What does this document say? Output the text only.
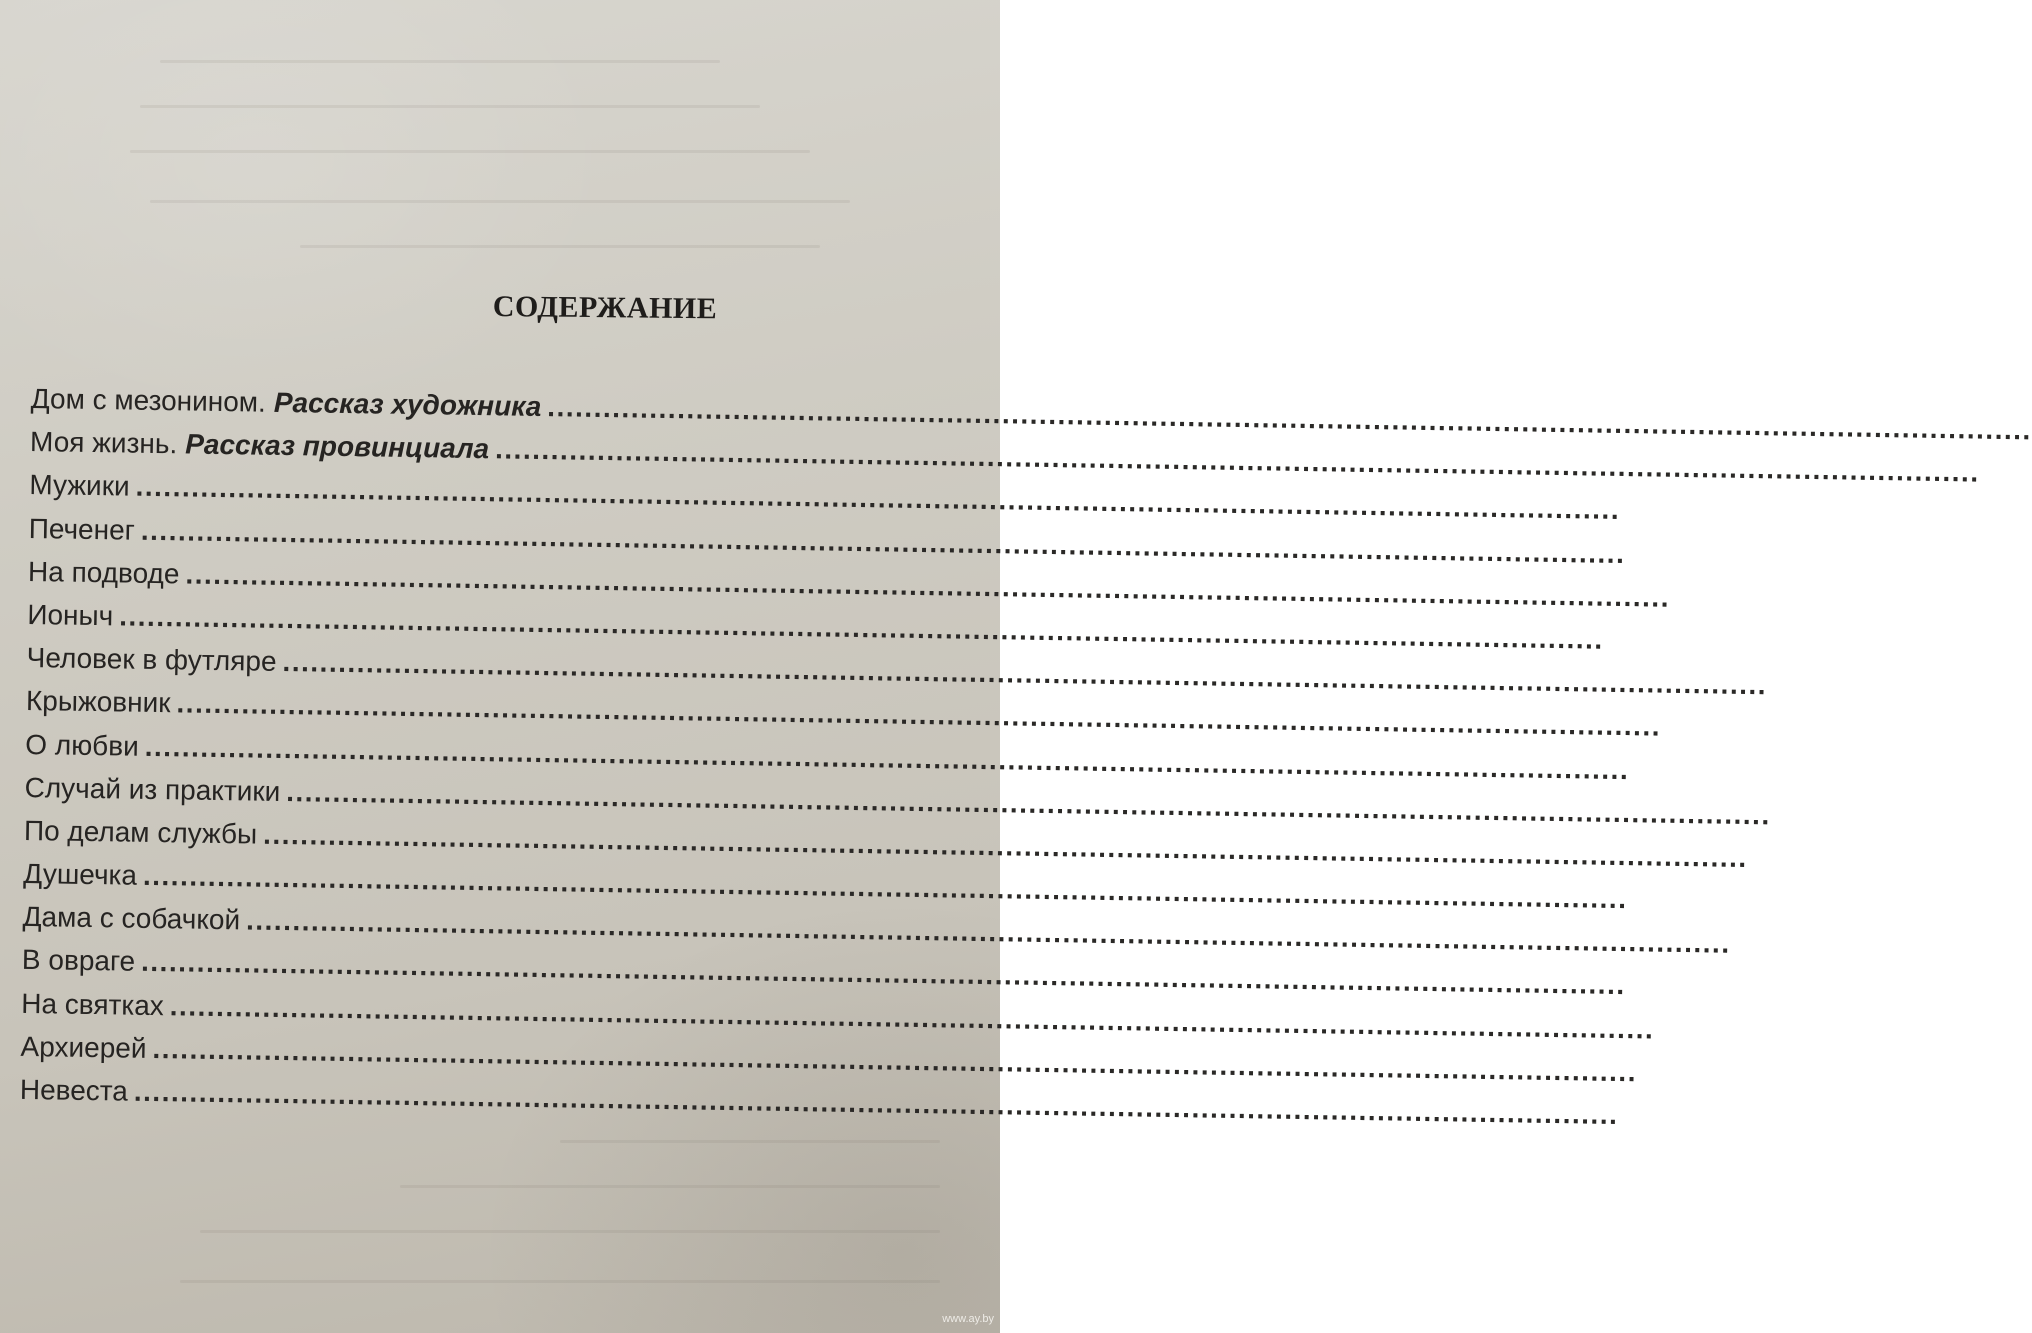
СОДЕРЖАНИЕ
Дом с мезонином. Рассказ художника ................................................................................................................................................................
Моя жизнь. Рассказ провинциала ................................................................................................................................................................
Мужики ................................................................................................................................................................
Печенег ................................................................................................................................................................
На подводе ................................................................................................................................................................
Ионыч ................................................................................................................................................................
Человек в футляре ................................................................................................................................................................
Крыжовник ................................................................................................................................................................
О любви ................................................................................................................................................................
Случай из практики ................................................................................................................................................................
По делам службы ................................................................................................................................................................
Душечка ................................................................................................................................................................
Дама с собачкой ................................................................................................................................................................
В овраге ................................................................................................................................................................
На святках ................................................................................................................................................................
Архиерей ................................................................................................................................................................
Невеста ................................................................................................................................................................
www.ay.by
